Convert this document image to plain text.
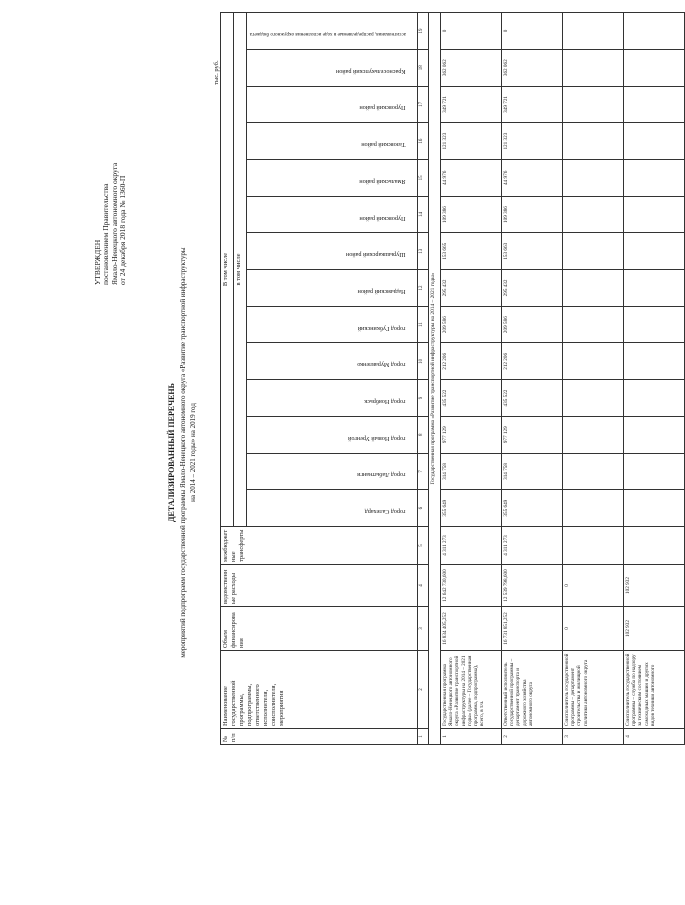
УТВЕРЖДЕН постановлением Правительства Ямало-Ненецкого автономного округа от 24 декабря 2018 года № 1360-П
ДЕТАЛИЗИРОВАННЫЙ ПЕРЕЧЕНЬ мероприятий подпрограмм государственной программы Ямало-Ненецкого автономного округа «Развитие транспортной инфраструктуры на 2014 – 2021 годы» на 2019 год
тыс. руб.
№ п/п	Наименование государственной программы, подпрограммы, ответственного исполнителя, соисполнителя, мероприятия	Объем финансирования	ведомственные расходы	межбюджетные трансферты	В том числе													
					в том числе													

					город Салехард	город Лабытнанги	город Новый Уренгой	город Ноябрьск	город Муравленко	город Губкинский	Надымский район	Шурышкарский район	Пуровский район	Ямальский район	Тазовский район	Пуровский район	Красноселькупский район	ассигнования, распределяемые в ходе исполнения окружного бюджета

1	2	3	4	5	6	7	8	9	10	11	12	13	14	15	16	17	18	19
Государственная программа «Развитие транспортной инфраструктуры на 2014 – 2021 годы»																		
1	Государственная программа Ямало-Ненецкого автономного округа «Развитие транспортной инфраструктуры на 2014 – 2021 годы» (далее – Государственная программа, подпрограмма), всего, в т.ч.	16 834 405,252	12 642 730,600	4 311 273	355 649	314 758	977 129	435 522	212 206	209 586	295 432	153 665	109 386	44 976	121 323	349 721	362 062	0
2	Ответственный исполнитель государственной программы – департамент транспорта и дорожного хозяйства автономного округа	16 731 851,252	12 539 798,600	4 311 273	355 649	314 758	977 129	435 522	212 206	209 586	295 432	153 663	109 386	44 976	121 323	349 721	362 062	0
3	Соисполнитель государственной программы – департамент строительства и жилищной политики автономного округа	0	0															
4	Соисполнитель государственной программы – служба по надзору за техническим состоянием самоходных машин и других видов техники автономного	102 932	102 932															
